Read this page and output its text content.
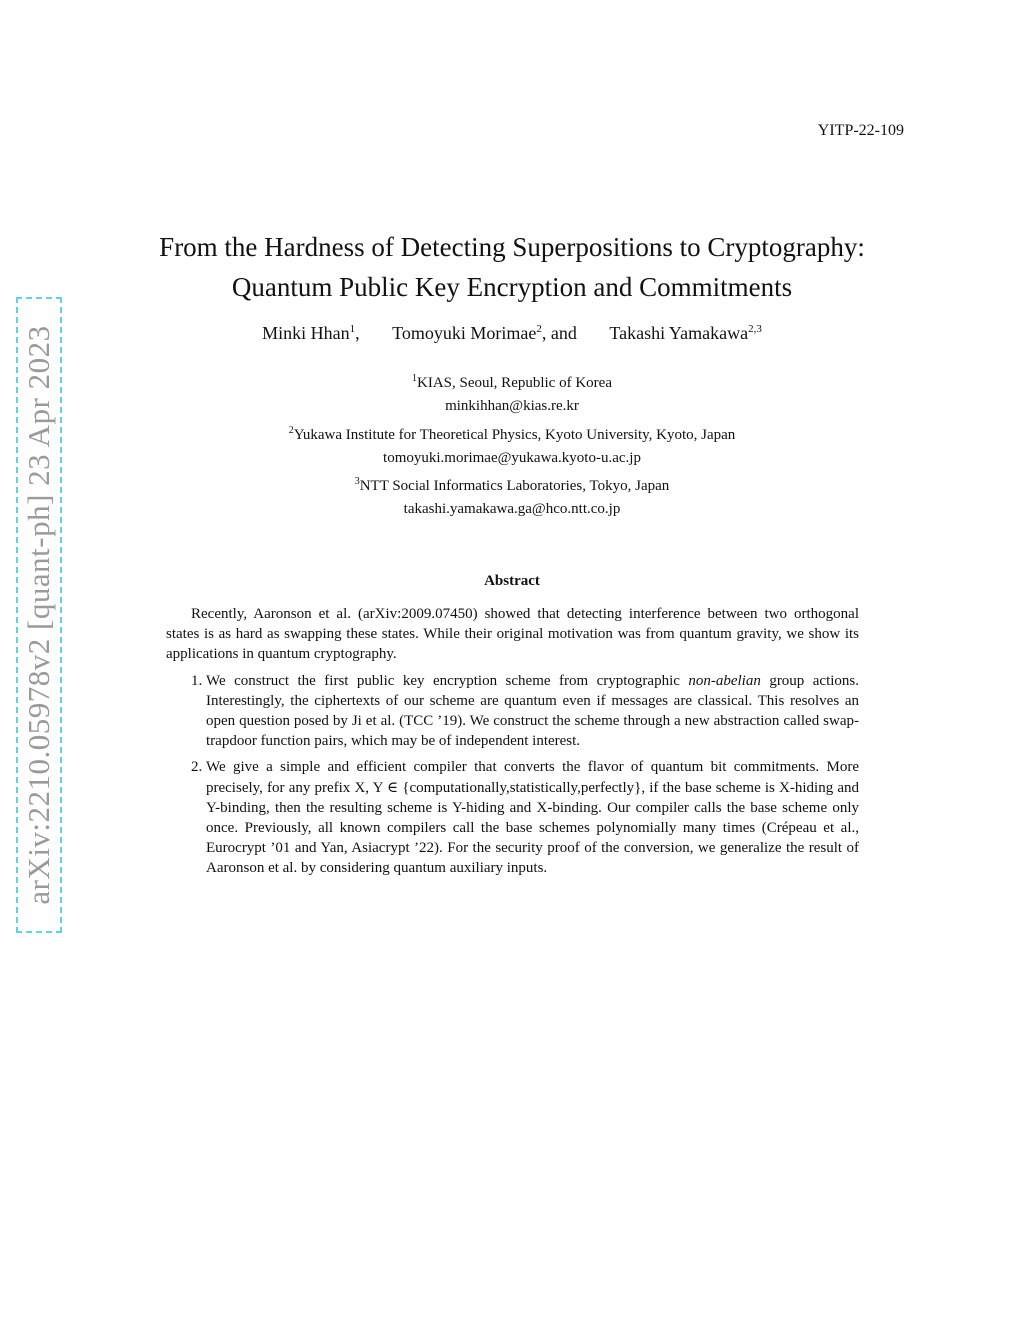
YITP-22-109
arXiv:2210.05978v2 [quant-ph] 23 Apr 2023
From the Hardness of Detecting Superpositions to Cryptography:
Quantum Public Key Encryption and Commitments
Minki Hhan$^1$, Tomoyuki Morimae$^2$, and Takashi Yamakawa$^{2,3}$
$^1$KIAS, Seoul, Republic of Korea
minkihhan@kias.re.kr
$^2$Yukawa Institute for Theoretical Physics, Kyoto University, Kyoto, Japan
tomoyuki.morimae@yukawa.kyoto-u.ac.jp
$^3$NTT Social Informatics Laboratories, Tokyo, Japan
takashi.yamakawa.ga@hco.ntt.co.jp
Abstract

Recently, Aaronson et al. (arXiv:2009.07450) showed that detecting interference between two orthogonal states is as hard as swapping these states. While their original motivation was from quantum gravity, we show its applications in quantum cryptography.

1. We construct the first public key encryption scheme from cryptographic non-abelian group actions. Interestingly, the ciphertexts of our scheme are quantum even if messages are classical. This resolves an open question posed by Ji et al. (TCC ’19). We construct the scheme through a new abstraction called swap-trapdoor function pairs, which may be of independent interest.
2. We give a simple and efficient compiler that converts the flavor of quantum bit commitments. More precisely, for any prefix X, Y ∈ {computationally,statistically,perfectly}, if the base scheme is X-hiding and Y-binding, then the resulting scheme is Y-hiding and X-binding. Our compiler calls the base scheme only once. Previously, all known compilers call the base schemes polynomially many times (Crépeau et al., Eurocrypt ’01 and Yan, Asiacrypt ’22). For the security proof of the conversion, we generalize the result of Aaronson et al. by considering quantum auxiliary inputs.
